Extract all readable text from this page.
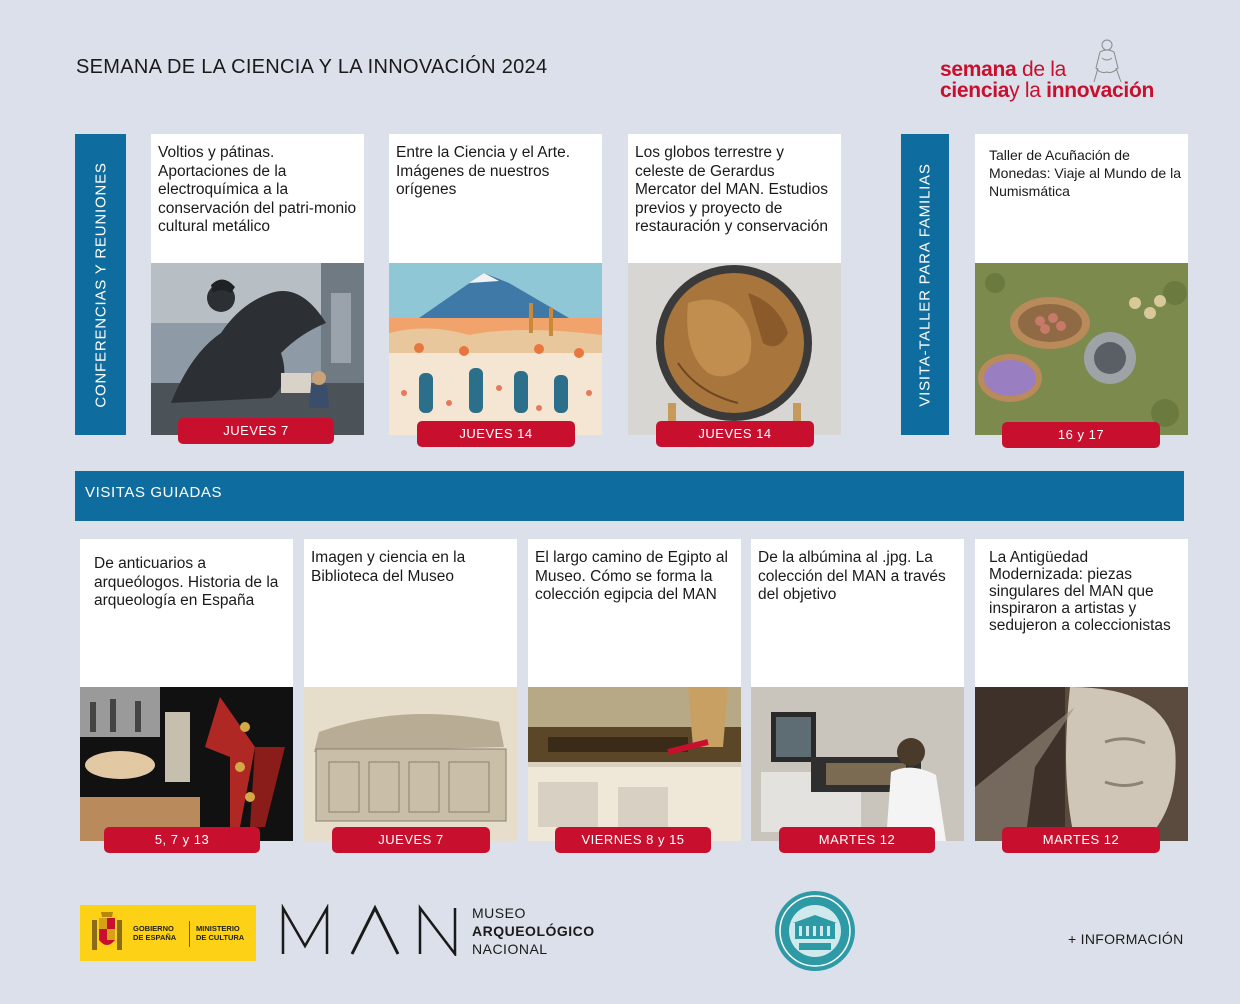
SEMANA DE LA CIENCIA Y LA INNOVACIÓN 2024	semana de la
cienciay la innovación
CONFERENCIAS Y REUNIONES	VISITA-TALLER PARA FAMILIAS
Voltios y pátinas. Aportaciones de la electroquímica a la conservación del patri-monio cultural metálico
JUEVES 7
Entre la Ciencia y el Arte. Imágenes de nuestros orígenes
JUEVES 14
Los globos terrestre y celeste de Gerardus Mercator del MAN. Estudios previos y proyecto de restauración y conservación
JUEVES 14
Taller de Acuñación de Monedas: Viaje al Mundo de la Numismática
16 y 17
VISITAS GUIADAS
De anticuarios a arqueólogos. Historia de la arqueología en España
5, 7 y 13
Imagen y ciencia en la Biblioteca del Museo
JUEVES 7
El largo camino de Egipto al Museo. Cómo se forma la colección egipcia del MAN
VIERNES 8 y 15
De la albúmina al .jpg. La colección del MAN a través del objetivo
MARTES 12
La Antigüedad Modernizada: piezas singulares del MAN que inspiraron a artistas y sedujeron a coleccionistas
MARTES 12
GOBIERNO
DE ESPAÑA
MINISTERIO
DE CULTURA
MUSEO
ARQUEOLÓGICO
NACIONAL
+ INFORMACIÓN
